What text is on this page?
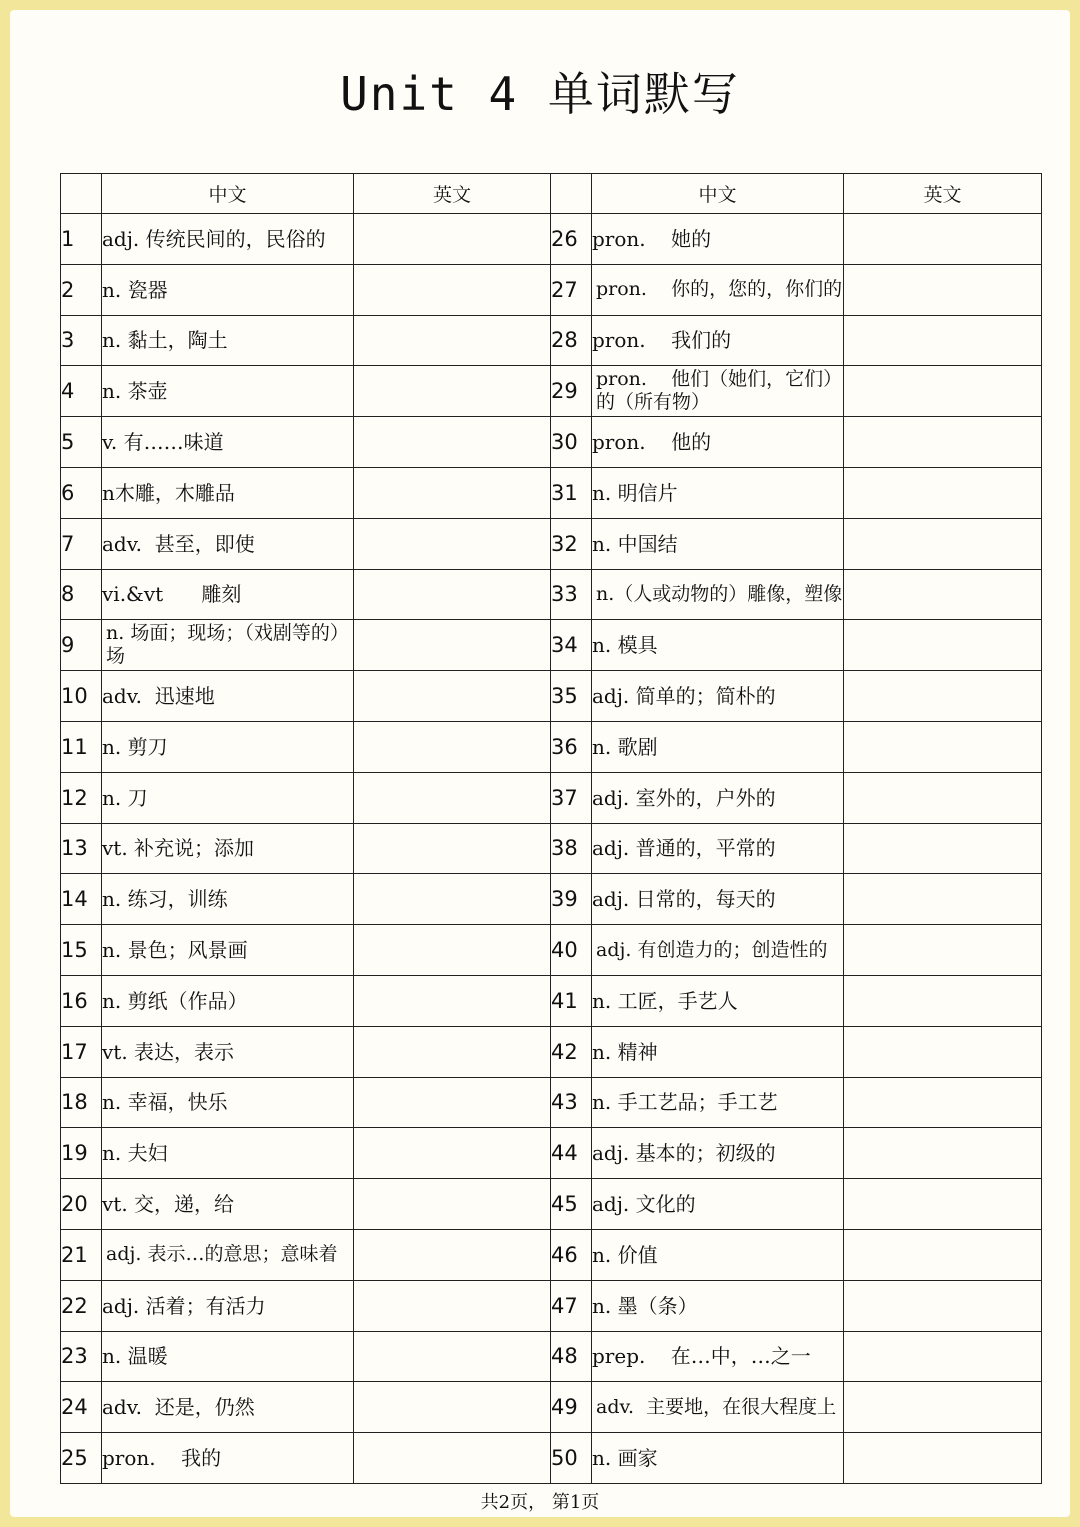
Unit 4 单词默写
	中文	英文		中文	英文
1	adj. 传统民间的，民俗的		26	pron.    她的	
2	n. 瓷器		27	pron.    你的，您的，你们的	
3	n. 黏土，陶土		28	pron.    我们的	
4	n. 茶壶		29	pron.    他们（她们，它们）的（所有物）	
5	v. 有……味道		30	pron.    他的	
6	n木雕，木雕品		31	n. 明信片	
7	adv.  甚至，即使		32	n. 中国结	
8	vi.&vt      雕刻		33	n.（人或动物的）雕像，塑像	
9	n. 场面；现场；（戏剧等的）场		34	n. 模具	
10	adv.  迅速地		35	adj. 简单的；简朴的	
11	n. 剪刀		36	n. 歌剧	
12	n. 刀		37	adj. 室外的，户外的	
13	vt. 补充说；添加		38	adj. 普通的，平常的	
14	n. 练习，训练		39	adj. 日常的，每天的	
15	n. 景色；风景画		40	adj. 有创造力的；创造性的	
16	n. 剪纸（作品）		41	n. 工匠，手艺人	
17	vt. 表达，表示		42	n. 精神	
18	n. 幸福，快乐		43	n. 手工艺品；手工艺	
19	n. 夫妇		44	adj. 基本的；初级的	
20	vt. 交，递，给		45	adj. 文化的	
21	adj. 表示…的意思；意味着		46	n. 价值	
22	adj. 活着；有活力		47	n. 墨（条）	
23	n. 温暖		48	prep.    在…中，…之一	
24	adv.  还是，仍然		49	adv.  主要地，在很大程度上	
25	pron.    我的		50	n. 画家	
共2页， 第1页
